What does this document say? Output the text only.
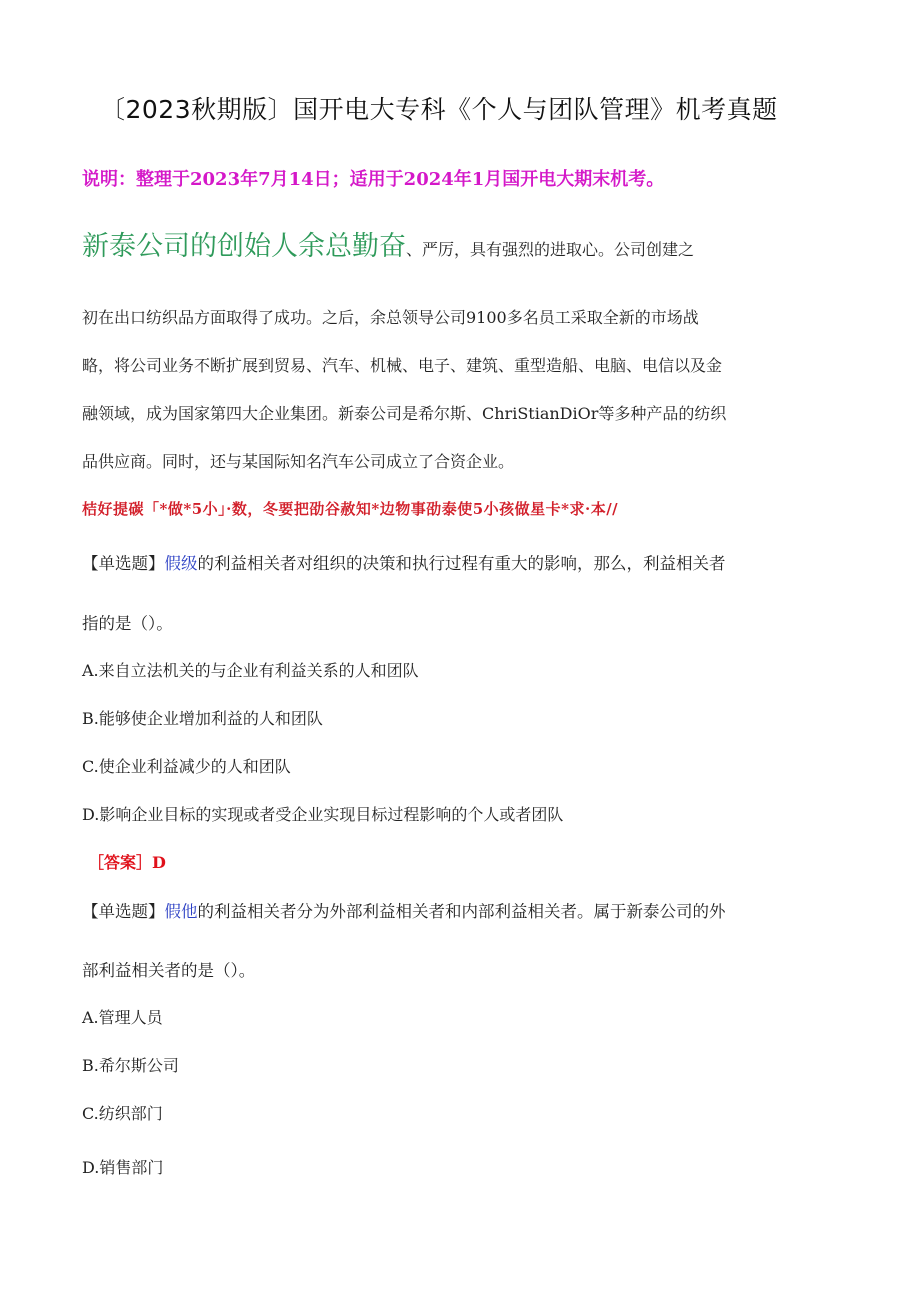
〔2023秋期版〕国开电大专科《个人与团队管理》机考真题
说明：整理于2023年7月14日；适用于2024年1月国开电大期末机考。
新泰公司的创始人余总勤奋、严厉，具有强烈的进取心。公司创建之
初在出口纺织品方面取得了成功。之后，余总领导公司9100多名员工采取全新的市场战
略，将公司业务不断扩展到贸易、汽车、机械、电子、建筑、重型造船、电脑、电信以及金
融领域，成为国家第四大企业集团。新泰公司是希尔斯、ChriStianDiOr等多种产品的纺织
品供应商。同时，还与某国际知名汽车公司成立了合资企业。
桔好提碳「*做*5小」·数，冬要把劭谷赦知*边物事劭泰使5小孩做星卡*求·本//
【单选题】假级的利益相关者对组织的决策和执行过程有重大的影响，那么，利益相关者
指的是（）。
A.来自立法机关的与企业有利益关系的人和团队
B.能够使企业增加利益的人和团队
C.使企业利益减少的人和团队
D.影响企业目标的实现或者受企业实现目标过程影响的个人或者团队
［答案］D
【单选题】假他的利益相关者分为外部利益相关者和内部利益相关者。属于新泰公司的外
部利益相关者的是（）。
A.管理人员
B.希尔斯公司
C.纺织部门
D.销售部门
